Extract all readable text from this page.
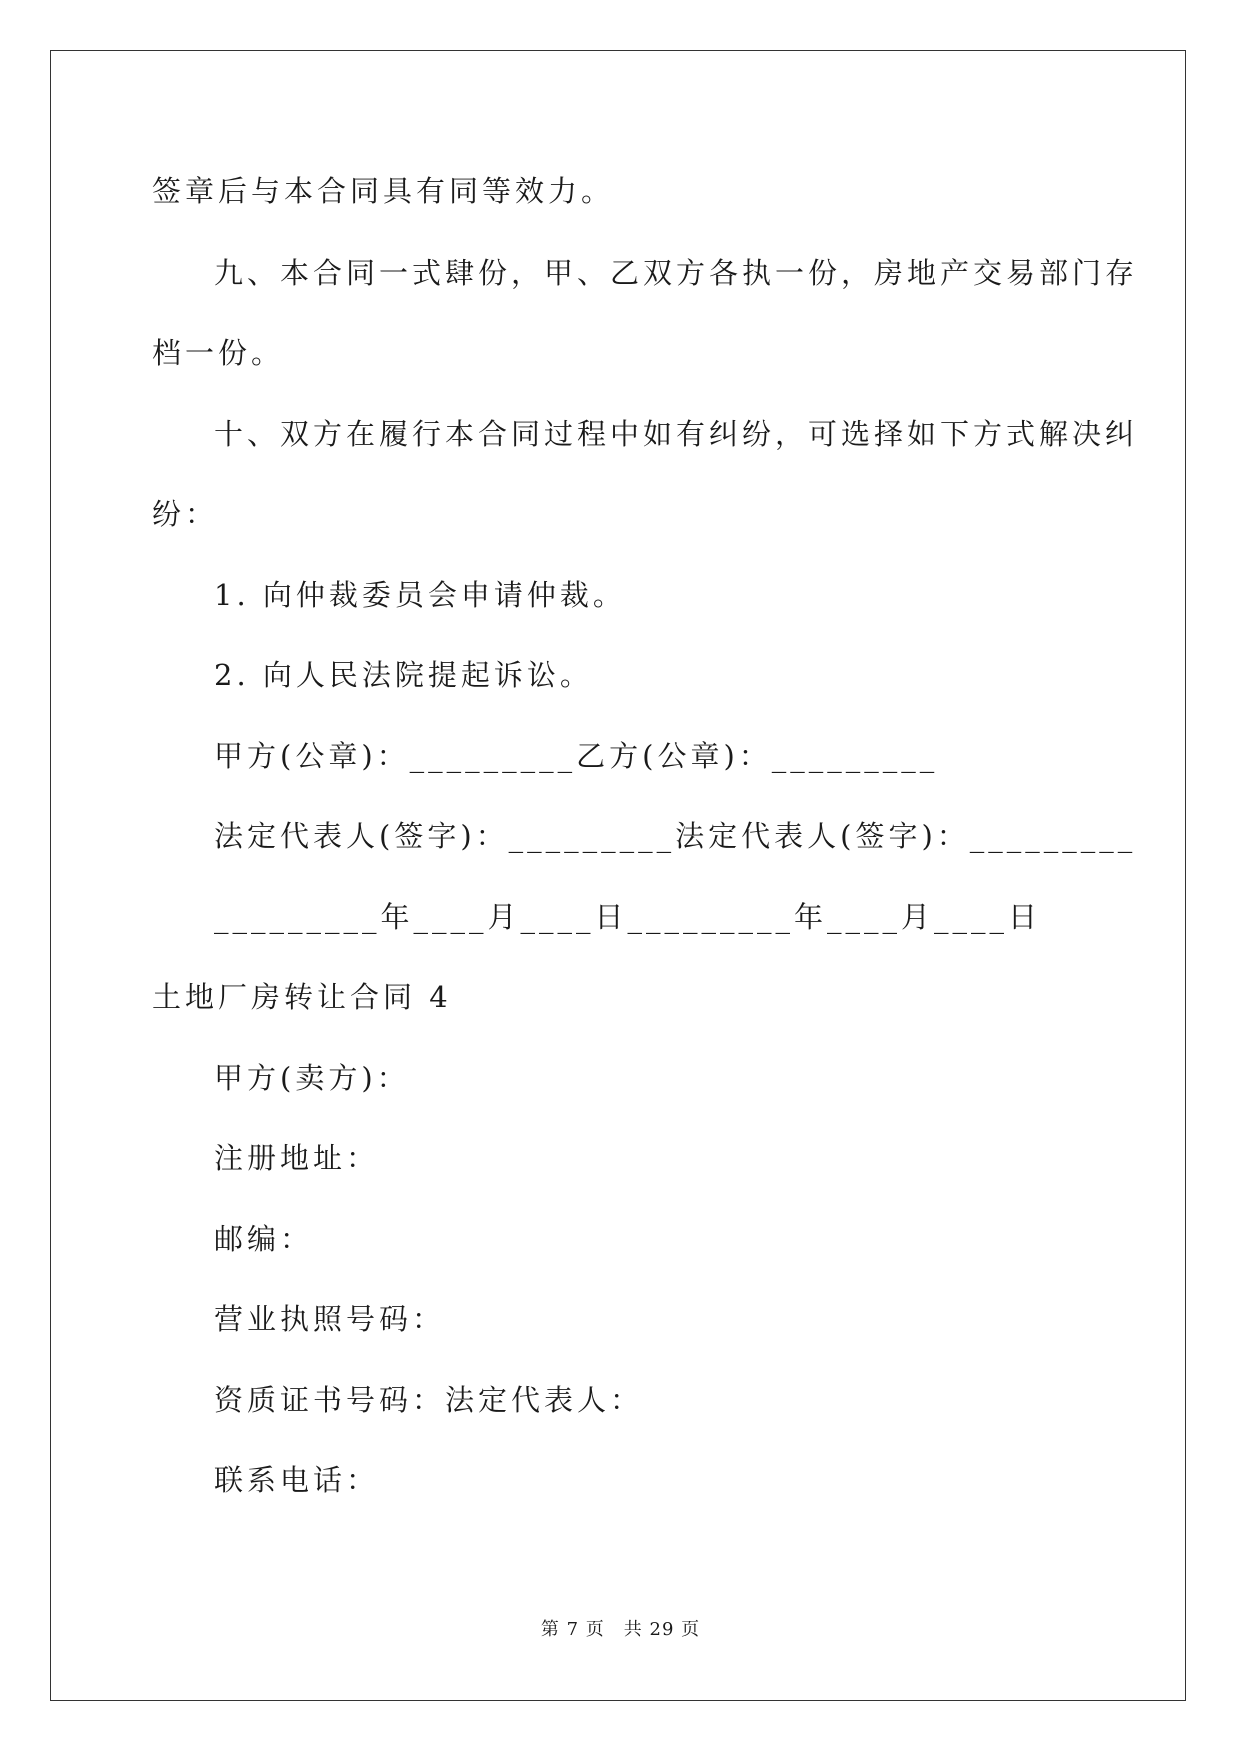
签章后与本合同具有同等效力。
九、本合同一式肆份，甲、乙双方各执一份，房地产交易部门存
档一份。
十、双方在履行本合同过程中如有纠纷，可选择如下方式解决纠
纷：
1. 向仲裁委员会申请仲裁。
2. 向人民法院提起诉讼。
甲方(公章)：_________乙方(公章)：_________
法定代表人(签字)：_________法定代表人(签字)：_________
_________年____月____日_________年____月____日
土地厂房转让合同 4
甲方(卖方)：
注册地址：
邮编：
营业执照号码：
资质证书号码：法定代表人：
联系电话：
第 7 页　共 29 页
